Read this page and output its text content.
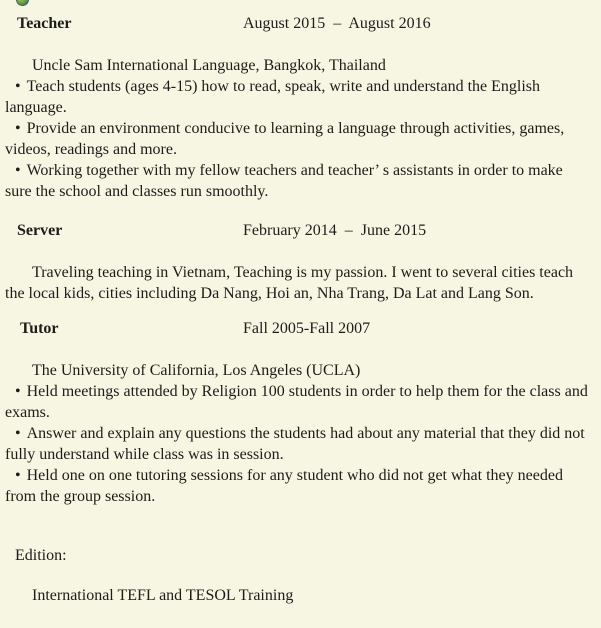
Teacher	August 2015  –  August 2016

Uncle Sam International Language, Bangkok, Thailand

• Teach students (ages 4-15) how to read, speak, write and understand the English language.

• Provide an environment conducive to learning a language through activities, games, videos, readings and more.

• Working together with my fellow teachers and teacher’ s assistants in order to make sure the school and classes run smoothly.

Server	February 2014  –  June 2015

Traveling teaching in Vietnam, Teaching is my passion. I went to several cities teach the local kids, cities including Da Nang, Hoi an, Nha Trang, Da Lat and Lang Son.

Tutor	Fall 2005-Fall 2007

The University of California, Los Angeles (UCLA)

• Held meetings attended by Religion 100 students in order to help them for the class and exams.

• Answer and explain any questions the students had about any material that they did not fully understand while class was in session.

• Held one on one tutoring sessions for any student who did not get what they needed from the group session.

Edition:

International TEFL and TESOL Training
